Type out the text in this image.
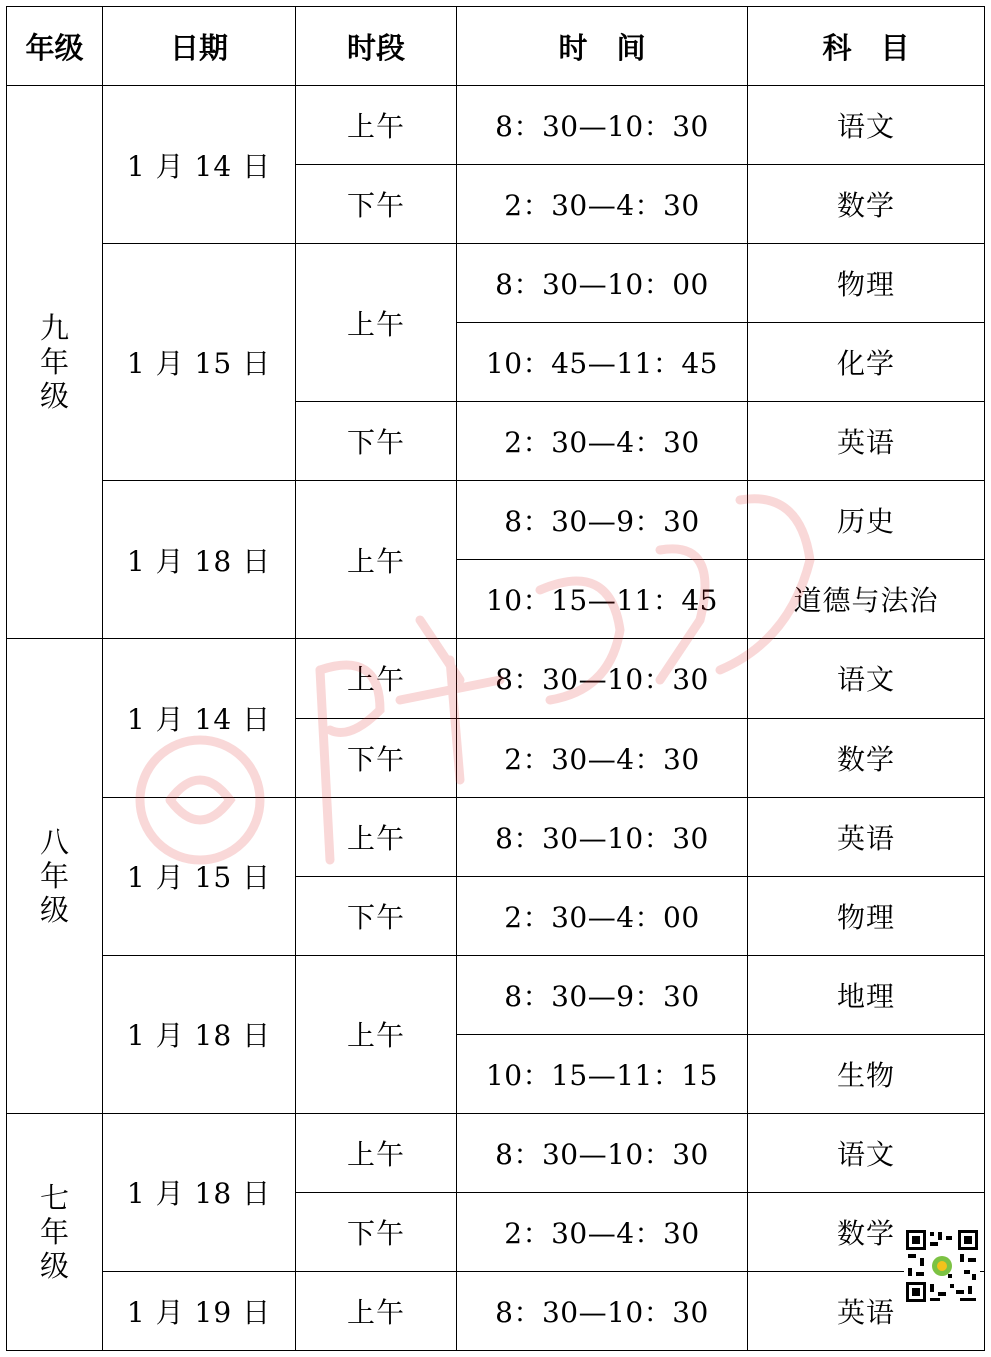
年级	日期	时段	时　间	科　目
九年级	1 月 14 日	上午	8：30—10：30	语文
		下午	2：30—4：30	数学
	1 月 15 日	上午	8：30—10：00	物理
			10：45—11：45	化学
		下午	2：30—4：30	英语
	1 月 18 日	上午	8：30—9：30	历史
			10：15—11：45	道德与法治
八年级	1 月 14 日	上午	8：30—10：30	语文
		下午	2：30—4：30	数学
	1 月 15 日	上午	8：30—10：30	英语
		下午	2：30—4：00	物理
	1 月 18 日	上午	8：30—9：30	地理
			10：15—11：15	生物
七年级	1 月 18 日	上午	8：30—10：30	语文
		下午	2：30—4：30	数学
	1 月 19 日	上午	8：30—10：30	英语
